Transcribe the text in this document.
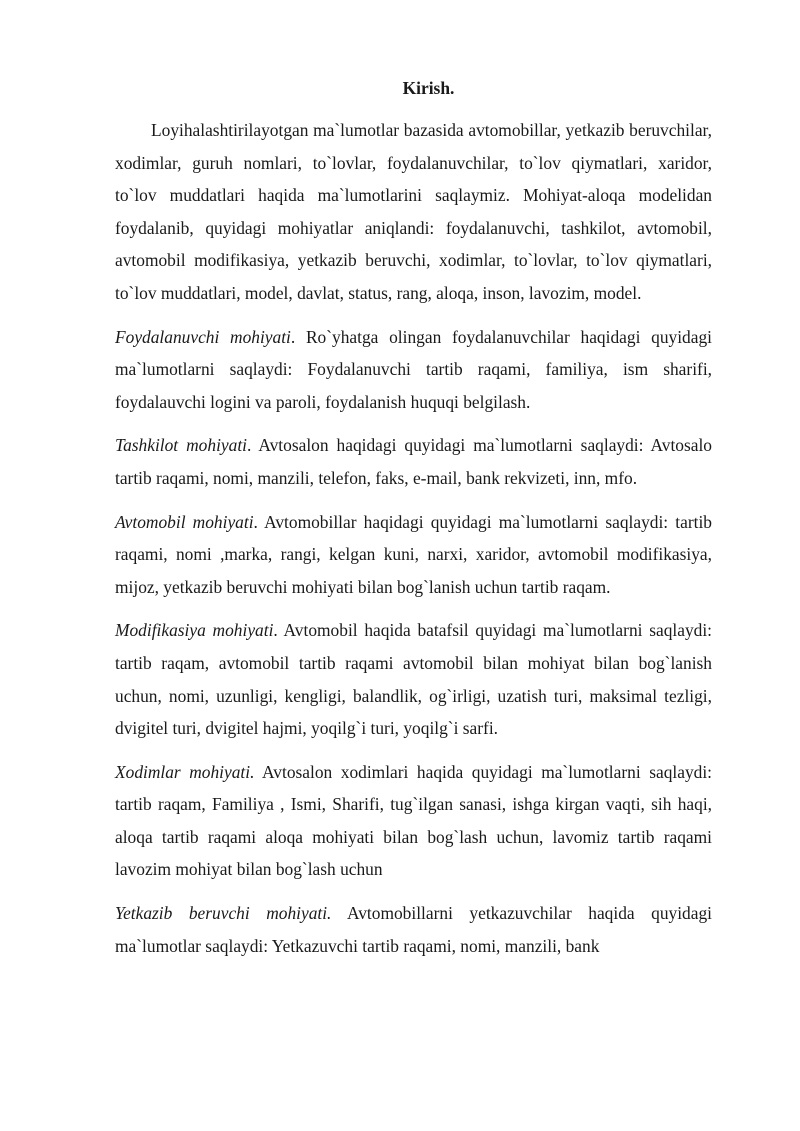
Kirish.

Loyihalashtirilayotgan ma`lumotlar bazasida avtomobillar, yetkazib beruvchilar, xodimlar, guruh nomlari, to`lovlar, foydalanuvchilar, to`lov qiymatlari, xaridor, to`lov muddatlari haqida ma`lumotlarini saqlaymiz. Mohiyat-aloqa modelidan foydalanib, quyidagi mohiyatlar aniqlandi: foydalanuvchi, tashkilot, avtomobil, avtomobil modifikasiya, yetkazib beruvchi, xodimlar, to`lovlar, to`lov qiymatlari, to`lov muddatlari, model, davlat, status, rang, aloqa, inson, lavozim, model.

Foydalanuvchi mohiyati. Ro`yhatga olingan foydalanuvchilar haqidagi quyidagi ma`lumotlarni saqlaydi: Foydalanuvchi tartib raqami, familiya, ism sharifi, foydalauvchi logini va paroli, foydalanish huquqi belgilash.

Tashkilot mohiyati. Avtosalon haqidagi quyidagi ma`lumotlarni saqlaydi: Avtosalo tartib raqami, nomi, manzili, telefon, faks, e-mail, bank rekvizeti, inn, mfo.

Avtomobil mohiyati. Avtomobillar haqidagi quyidagi ma`lumotlarni saqlaydi: tartib raqami, nomi ,marka, rangi, kelgan kuni, narxi, xaridor, avtomobil modifikasiya, mijoz, yetkazib beruvchi mohiyati bilan bog`lanish uchun tartib raqam.

Modifikasiya mohiyati. Avtomobil haqida batafsil quyidagi ma`lumotlarni saqlaydi: tartib raqam, avtomobil tartib raqami avtomobil bilan mohiyat bilan bog`lanish uchun, nomi, uzunligi, kengligi, balandlik, og`irligi, uzatish turi, maksimal tezligi, dvigitel turi, dvigitel hajmi, yoqilg`i turi, yoqilg`i sarfi.

Xodimlar mohiyati. Avtosalon xodimlari haqida quyidagi ma`lumotlarni saqlaydi: tartib raqam, Familiya , Ismi, Sharifi, tug`ilgan sanasi, ishga kirgan vaqti, sih haqi, aloqa tartib raqami aloqa mohiyati bilan bog`lash uchun, lavomiz tartib raqami lavozim mohiyat bilan bog`lash uchun

Yetkazib beruvchi mohiyati. Avtomobillarni yetkazuvchilar haqida quyidagi ma`lumotlar saqlaydi: Yetkazuvchi tartib raqami, nomi, manzili, bank
